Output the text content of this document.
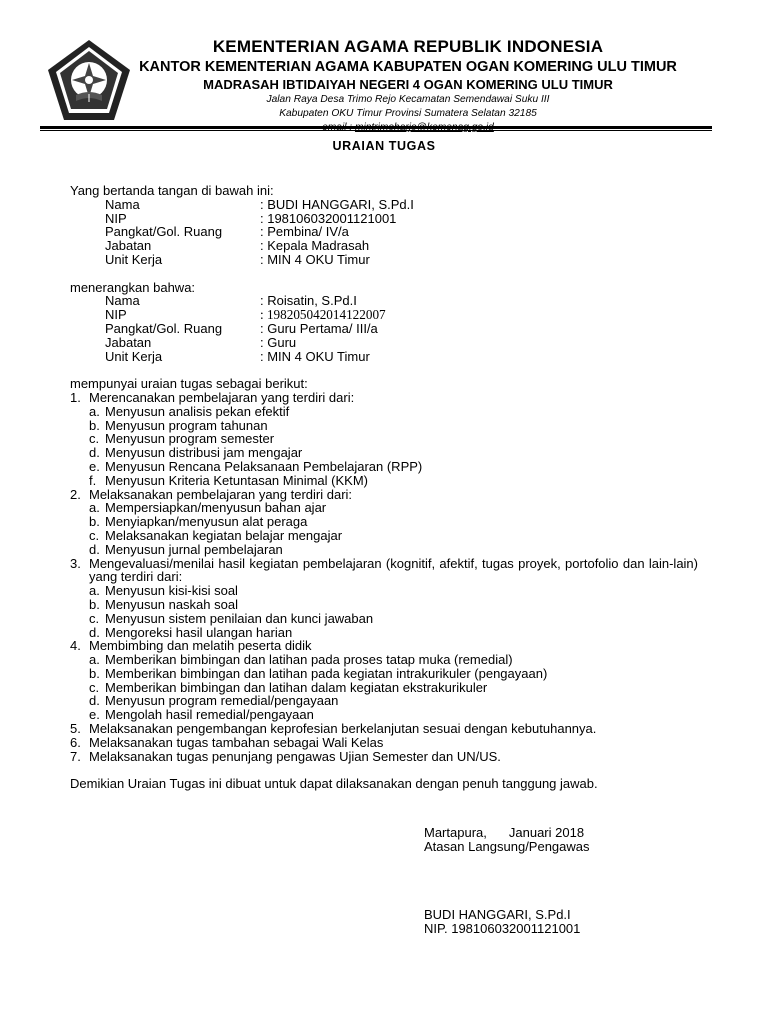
KEMENTERIAN AGAMA REPUBLIK INDONESIA
KANTOR KEMENTERIAN AGAMA KABUPATEN OGAN KOMERING ULU TIMUR
MADRASAH IBTIDAIYAH NEGERI 4 OGAN KOMERING ULU TIMUR
Jalan Raya Desa Trimo Rejo Kecamatan Semendawai Suku III
Kabupaten OKU Timur Provinsi Sumatera Selatan 32185
URAIAN TUGAS

Yang bertanda tangan di bawah ini:

Nama	: BUDI HANGGARI, S.Pd.I
NIP	: 198106032001121001
Pangkat/Gol. Ruang	: Pembina/ IV/a
Jabatan	: Kepala Madrasah
Unit Kerja	: MIN 4 OKU Timur

menerangkan bahwa:

Nama	: Roisatin, S.Pd.I
NIP	: 198205042014122007
Pangkat/Gol. Ruang	: Guru Pertama/ III/a
Jabatan	: Guru
Unit Kerja	: MIN 4 OKU Timur

mempunyai uraian tugas sebagai berikut:

1. Merencanakan pembelajaran yang terdiri dari:
a. Menyusun analisis pekan efektif
b. Menyusun program tahunan
c. Menyusun program semester
d. Menyusun distribusi jam mengajar
e. Menyusun Rencana Pelaksanaan Pembelajaran (RPP)
f. Menyusun Kriteria Ketuntasan Minimal (KKM)
2. Melaksanakan pembelajaran yang terdiri dari:
a. Mempersiapkan/menyusun bahan ajar
b. Menyiapkan/menyusun alat peraga
c. Melaksanakan kegiatan belajar mengajar
d. Menyusun jurnal pembelajaran
3. Mengevaluasi/menilai hasil kegiatan pembelajaran (kognitif, afektif, tugas proyek, portofolio dan lain-lain) yang terdiri dari:
a. Menyusun kisi-kisi soal
b. Menyusun naskah soal
c. Menyusun sistem penilaian dan kunci jawaban
d. Mengoreksi hasil ulangan harian
4. Membimbing dan melatih peserta didik
a. Memberikan bimbingan dan latihan pada proses tatap muka (remedial)
b. Memberikan bimbingan dan latihan pada kegiatan intrakurikuler (pengayaan)
c. Memberikan bimbingan dan latihan dalam kegiatan ekstrakurikuler
d. Menyusun program remedial/pengayaan
e. Mengolah hasil remedial/pengayaan
5. Melaksanakan pengembangan keprofesian berkelanjutan sesuai dengan kebutuhannya.
6. Melaksanakan tugas tambahan sebagai Wali Kelas
7. Melaksanakan tugas penunjang pengawas Ujian Semester dan UN/US.

Demikian Uraian Tugas ini dibuat untuk dapat dilaksanakan dengan penuh tanggung jawab.

Martapura, Januari 2018
Atasan Langsung/Pengawas
BUDI HANGGARI, S.Pd.I
NIP. 198106032001121001
